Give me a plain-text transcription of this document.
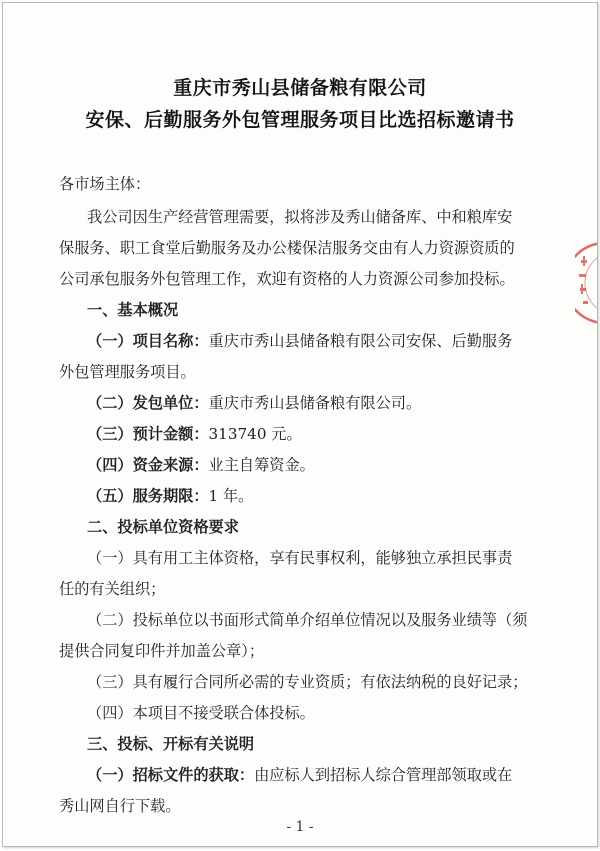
重庆市秀山县储备粮有限公司
安保、后勤服务外包管理服务项目比选招标邀请书
各市场主体：
我公司因生产经营管理需要，拟将涉及秀山储备库、中和粮库安
保服务、职工食堂后勤服务及办公楼保洁服务交由有人力资源资质的
公司承包服务外包管理工作，欢迎有资格的人力资源公司参加投标。
一、基本概况
（一）项目名称：重庆市秀山县储备粮有限公司安保、后勤服务
外包管理服务项目。
（二）发包单位：重庆市秀山县储备粮有限公司。
（三）预计金额：313740 元。
（四）资金来源：业主自筹资金。
（五）服务期限：1 年。
二、投标单位资格要求
（一）具有用工主体资格，享有民事权利，能够独立承担民事责
任的有关组织；
（二）投标单位以书面形式简单介绍单位情况以及服务业绩等（须
提供合同复印件并加盖公章）；
（三）具有履行合同所必需的专业资质；有依法纳税的良好记录；
（四）本项目不接受联合体投标。
三、投标、开标有关说明
（一）招标文件的获取：由应标人到招标人综合管理部领取或在
秀山网自行下载。
- 1 -
